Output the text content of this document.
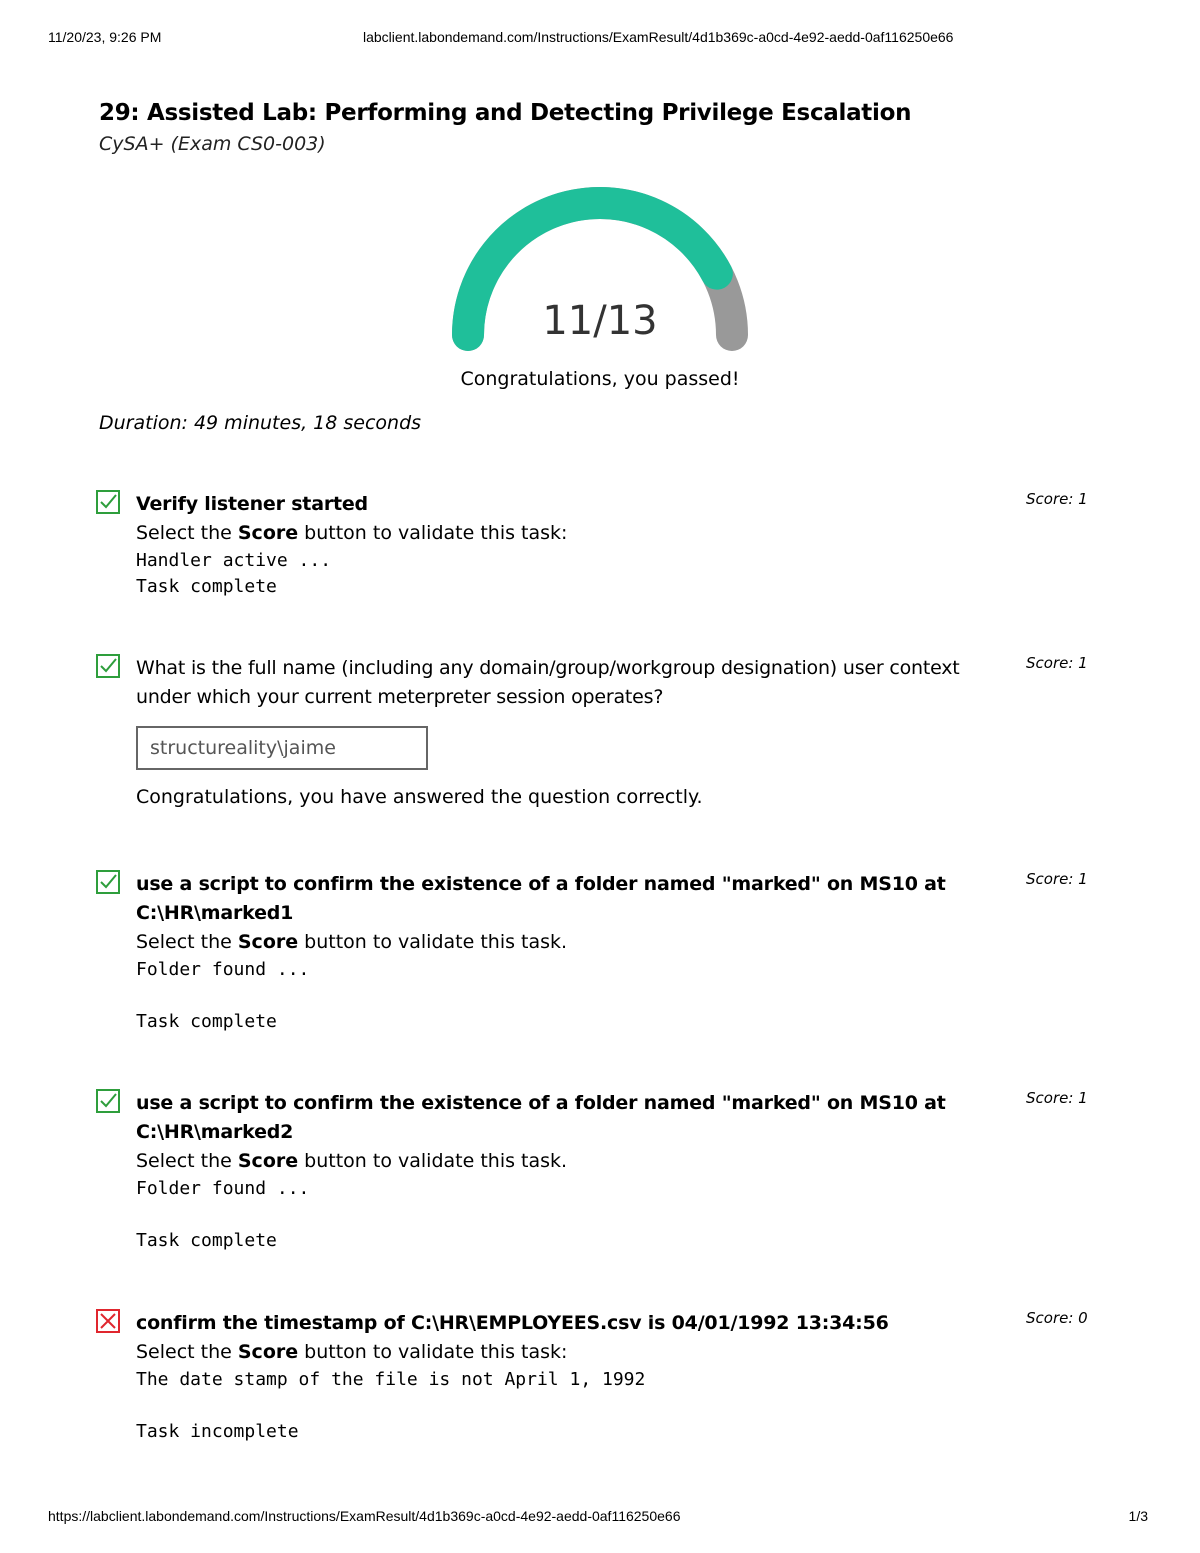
11/20/23, 9:26 PM	labclient.labondemand.com/Instructions/ExamResult/4d1b369c-a0cd-4e92-aedd-0af116250e66
29: Assisted Lab: Performing and Detecting Privilege Escalation
CySA+ (Exam CS0-003)
11/13
Congratulations, you passed!
Duration: 49 minutes, 18 seconds
Verify listener started
Select the Score button to validate this task:
Handler active ...
Task complete
Score: 1
What is the full name (including any domain/group/workgroup designation) user context under which your current meterpreter session operates?
structureality\jaime
Congratulations, you have answered the question correctly.
Score: 1
use a script to confirm the existence of a folder named "marked" on MS10 at C:\HR\marked1
Select the Score button to validate this task.
Folder found ...
Task complete
Score: 1
use a script to confirm the existence of a folder named "marked" on MS10 at C:\HR\marked2
Select the Score button to validate this task.
Folder found ...
Task complete
Score: 1
confirm the timestamp of C:\HR\EMPLOYEES.csv is 04/01/1992 13:34:56
Select the Score button to validate this task:
The date stamp of the file is not April 1, 1992
Task incomplete
Score: 0
https://labclient.labondemand.com/Instructions/ExamResult/4d1b369c-a0cd-4e92-aedd-0af116250e66	1/3
